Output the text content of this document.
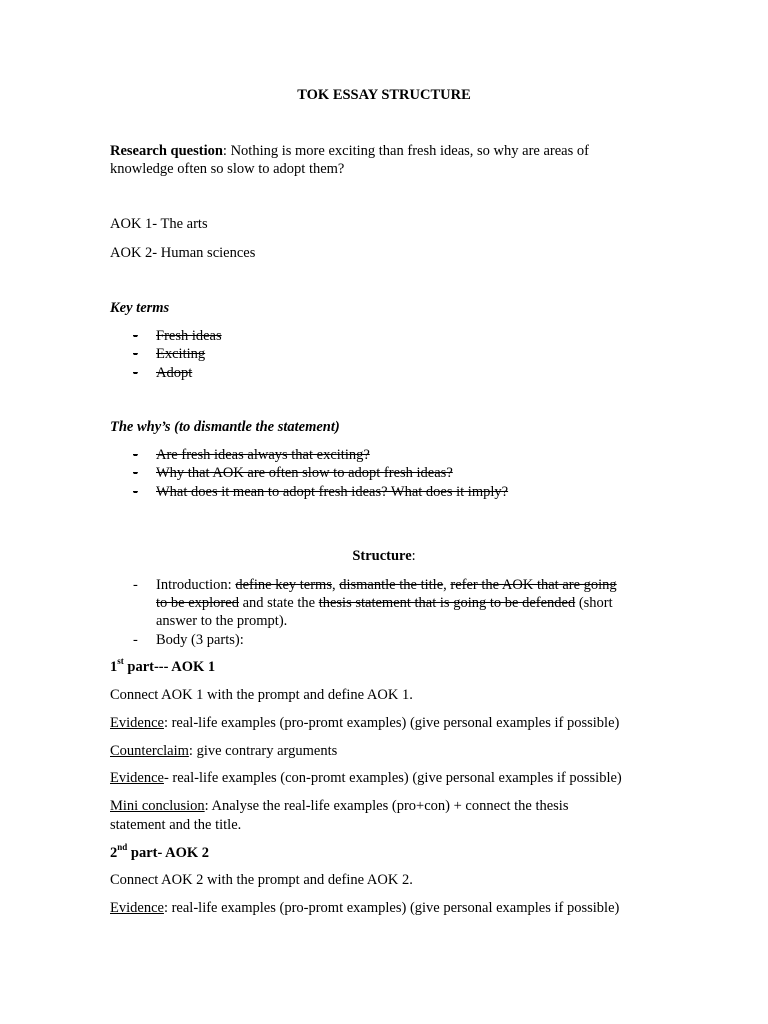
TOK ESSAY STRUCTURE
Research question: Nothing is more exciting than fresh ideas, so why are areas of
knowledge often so slow to adopt them?
AOK 1- The arts
AOK 2- Human sciences
Key terms
- Fresh ideas
- Exciting
- Adopt
The why’s (to dismantle the statement)
- Are fresh ideas always that exciting?
- Why that AOK are often slow to adopt fresh ideas?
- What does it mean to adopt fresh ideas? What does it imply?
Structure:
- Introduction: define key terms, dismantle the title, refer the AOK that are going
to be explored and state the thesis statement that is going to be defended (short
answer to the prompt).
- Body (3 parts):
1st part--- AOK 1
Connect AOK 1 with the prompt and define AOK 1.
Evidence: real-life examples (pro-promt examples) (give personal examples if possible)
Counterclaim: give contrary arguments
Evidence- real-life examples (con-promt examples) (give personal examples if possible)
Mini conclusion: Analyse the real-life examples (pro+con) + connect the thesis
statement and the title.
2nd part- AOK 2
Connect AOK 2 with the prompt and define AOK 2.
Evidence: real-life examples (pro-promt examples) (give personal examples if possible)
